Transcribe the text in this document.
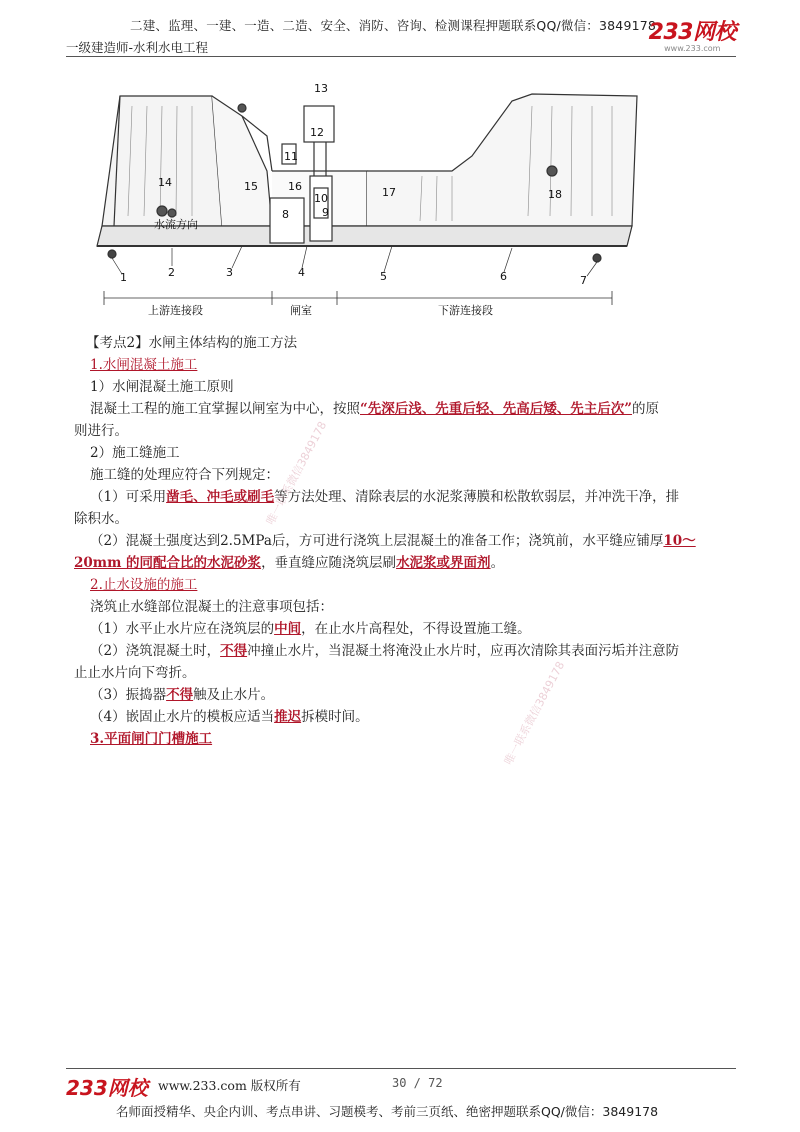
二建、监理、一建、一造、二造、安全、消防、咨询、检测课程押题联系QQ/微信：3849178
一级建造师-水利水电工程
233网校
www.233.com
水流方向
上游连接段	闸室	下游连接段
1	2	3	4	5	6	7
8	9
10
11
12
13
14	15	16	17	18

【考点2】水闸主体结构的施工方法

1.水闸混凝土施工

1）水闸混凝土施工原则

混凝土工程的施工宜掌握以闸室为中心，按照“先深后浅、先重后轻、先高后矮、先主后次”的原

则进行。

2）施工缝施工

施工缝的处理应符合下列规定：

（1）可采用凿毛、冲毛或刷毛等方法处理、清除表层的水泥浆薄膜和松散软弱层，并冲洗干净，排

除积水。

（2）混凝土强度达到2.5MPa后，方可进行浇筑上层混凝土的准备工作；浇筑前，水平缝应铺厚10～

20mm 的同配合比的水泥砂浆，垂直缝应随浇筑层刷水泥浆或界面剂。

2.止水设施的施工

浇筑止水缝部位混凝土的注意事项包括：

（1）水平止水片应在浇筑层的中间，在止水片高程处，不得设置施工缝。

（2）浇筑混凝土时，不得冲撞止水片，当混凝土将淹没止水片时，应再次清除其表面污垢并注意防

止止水片向下弯折。

（3）振捣器不得触及止水片。

（4）嵌固止水片的模板应适当推迟拆模时间。

3.平面闸门门槽施工

唯一联系微信3849178
唯一联系微信3849178
233网校 www.233.com 版权所有	30 / 72
名师面授精华、央企内训、考点串讲、习题模考、考前三页纸、绝密押题联系QQ/微信：3849178
